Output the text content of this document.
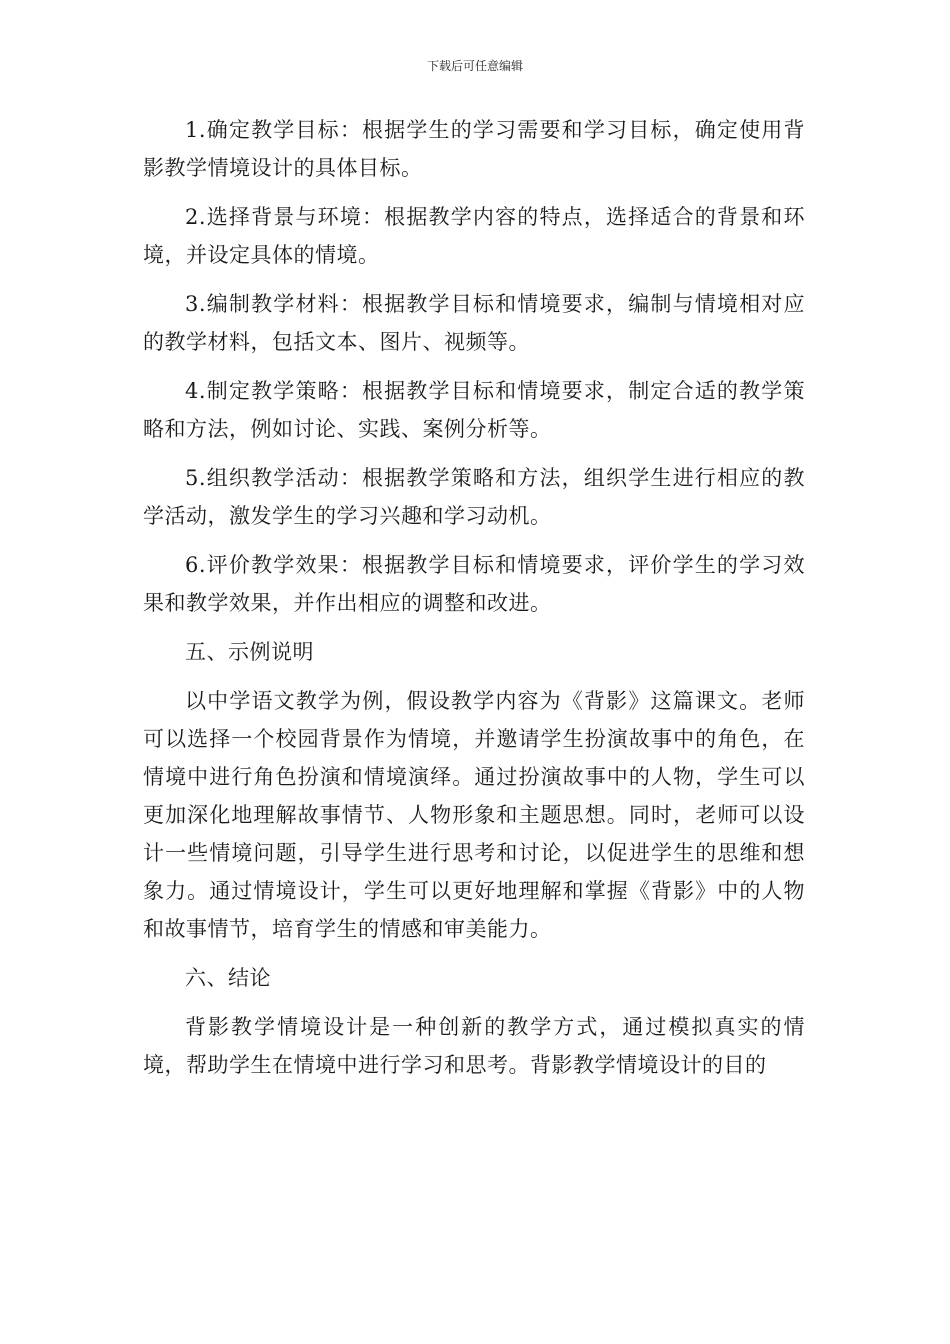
下载后可任意编辑

1.确定教学目标：根据学生的学习需要和学习目标，确定使用背影教学情境设计的具体目标。

2.选择背景与环境：根据教学内容的特点，选择适合的背景和环境，并设定具体的情境。

3.编制教学材料：根据教学目标和情境要求，编制与情境相对应的教学材料，包括文本、图片、视频等。

4.制定教学策略：根据教学目标和情境要求，制定合适的教学策略和方法，例如讨论、实践、案例分析等。

5.组织教学活动：根据教学策略和方法，组织学生进行相应的教学活动，激发学生的学习兴趣和学习动机。

6.评价教学效果：根据教学目标和情境要求，评价学生的学习效果和教学效果，并作出相应的调整和改进。

五、示例说明

以中学语文教学为例，假设教学内容为《背影》这篇课文。老师可以选择一个校园背景作为情境，并邀请学生扮演故事中的角色，在情境中进行角色扮演和情境演绎。通过扮演故事中的人物，学生可以更加深化地理解故事情节、人物形象和主题思想。同时，老师可以设计一些情境问题，引导学生进行思考和讨论，以促进学生的思维和想象力。通过情境设计，学生可以更好地理解和掌握《背影》中的人物和故事情节，培育学生的情感和审美能力。

六、结论

背影教学情境设计是一种创新的教学方式，通过模拟真实的情境，帮助学生在情境中进行学习和思考。背影教学情境设计的目的
